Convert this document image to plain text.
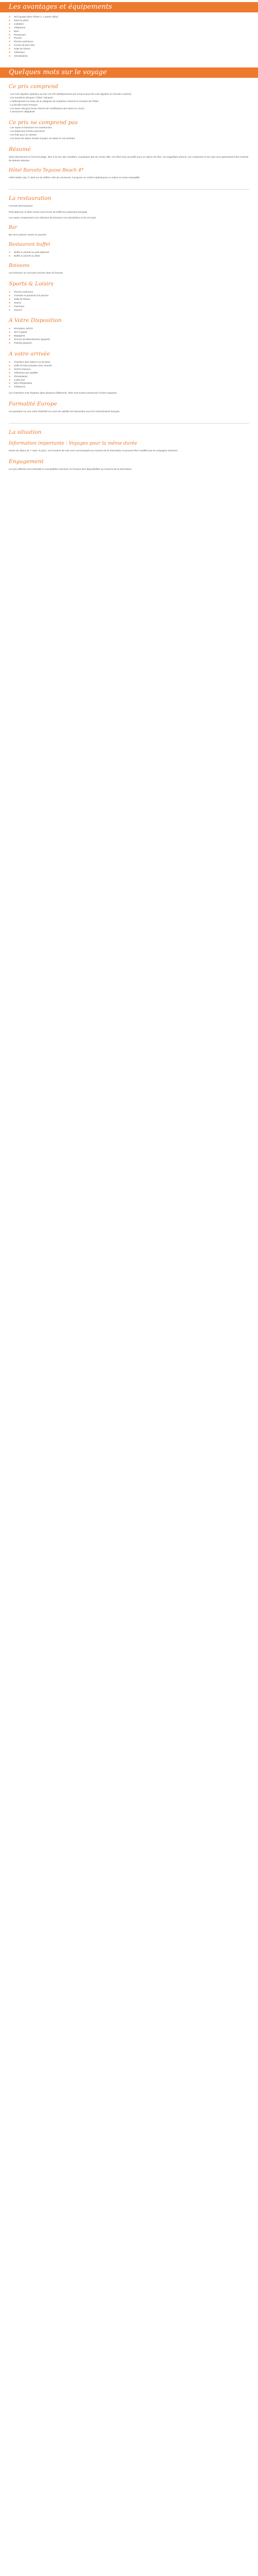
Les avantages et équipements
● Wi-fi gratuit dans l'hôtel (+ 1 autres villes)
● Dans la pièce
● Cafetière
● Téléphone
● Bain
● Restaurant
● Piscine
● Piscine extérieure
● Centre de bien-être
● Salle de fitness
● Télévision
● Climatisation
Quelques mots sur le voyage
Ce prix comprend

- Les vols réguliers spéciaux au bon vol A/R (30€/personne par tronçon pour les vols réguliers en formule Lumière)

- Les transferts aéroport / hôtel / aéroport.
- L'hébergement en base de la catégorie de chambres réservé en fonction de l'hôtel
- La formule Demi-Pension
- Les taxes aéroport (sous réserve de modification des taxes en cours)
- L'assurance obligatoire
Ce prix ne comprend pas
- Les repas et boissons non mentionnés
- Les dépenses d'ordre personnel
- Les frais pour un dossier
- Les taxes de séjour locales à payer sur place le cas échéant
Résumé

Situé directement en bord de plage, face à la mer des Caraïbes, à quelques pas du centre-ville, cet hôtel vous accueille pour un séjour de rêve. Sa magnifique piscine, son restaurant et son spa vous garantissent des instants de détente absolue.

Hôtel Barcelo Teguise Beach 4*

Hôtel adults only 4* situé sur la célèbre côte de Lanzarote, il propose un confort optimal pour un séjour en toute tranquillité.

La restauration

Formule demi-pension

Petit déjeuner et dîner servis sous forme de buffet au restaurant principal.

Les repas comprennent une sélection de boissons non alcoolisées et de vin local.

Bar

Bar de la piscine ouvert en journée.

Restaurant buffet
● Buffet à volonté au petit déjeuner
● Buffet à volonté au dîner
Boissons

Les boissons ne sont pas incluses dans la formule.

Sports & Loisirs
● Piscine extérieure
● Transats et parasols à la piscine
● Salle de fitness
● Sauna
● Hammam
● Jacuzzi
A Votre Disposition
● Réception 24h/24
● Wi-Fi gratuit
● Bagagerie
● Service de blanchisserie (payant)
● Parking (payant)
A votre arrivée
● Chambre avec balcon ou terrasse
● Salle de bain privative avec douche
● Sèche-cheveux
● Télévision par satellite
● Climatisation
● Coffre-fort
● Mini-réfrigérateur
● Téléphone

Les chambres sont réparties dans plusieurs bâtiments, elles sont toutes lumineuses et bien équipées.

Formalité Europe

Un passeport ou une carte d'identité en cours de validité est nécessaire pour les ressortissants français.

La situation
Information importante : Voyages pour la même durée

Durée du séjour de 7 nuits / 8 jours. Les horaires de vols sont communiqués au moment de la réservation et peuvent être modifiés par la compagnie aérienne.

Engagement

Les prix affichés sont indicatifs et susceptibles d'évoluer en fonction des disponibilités au moment de la réservation.
